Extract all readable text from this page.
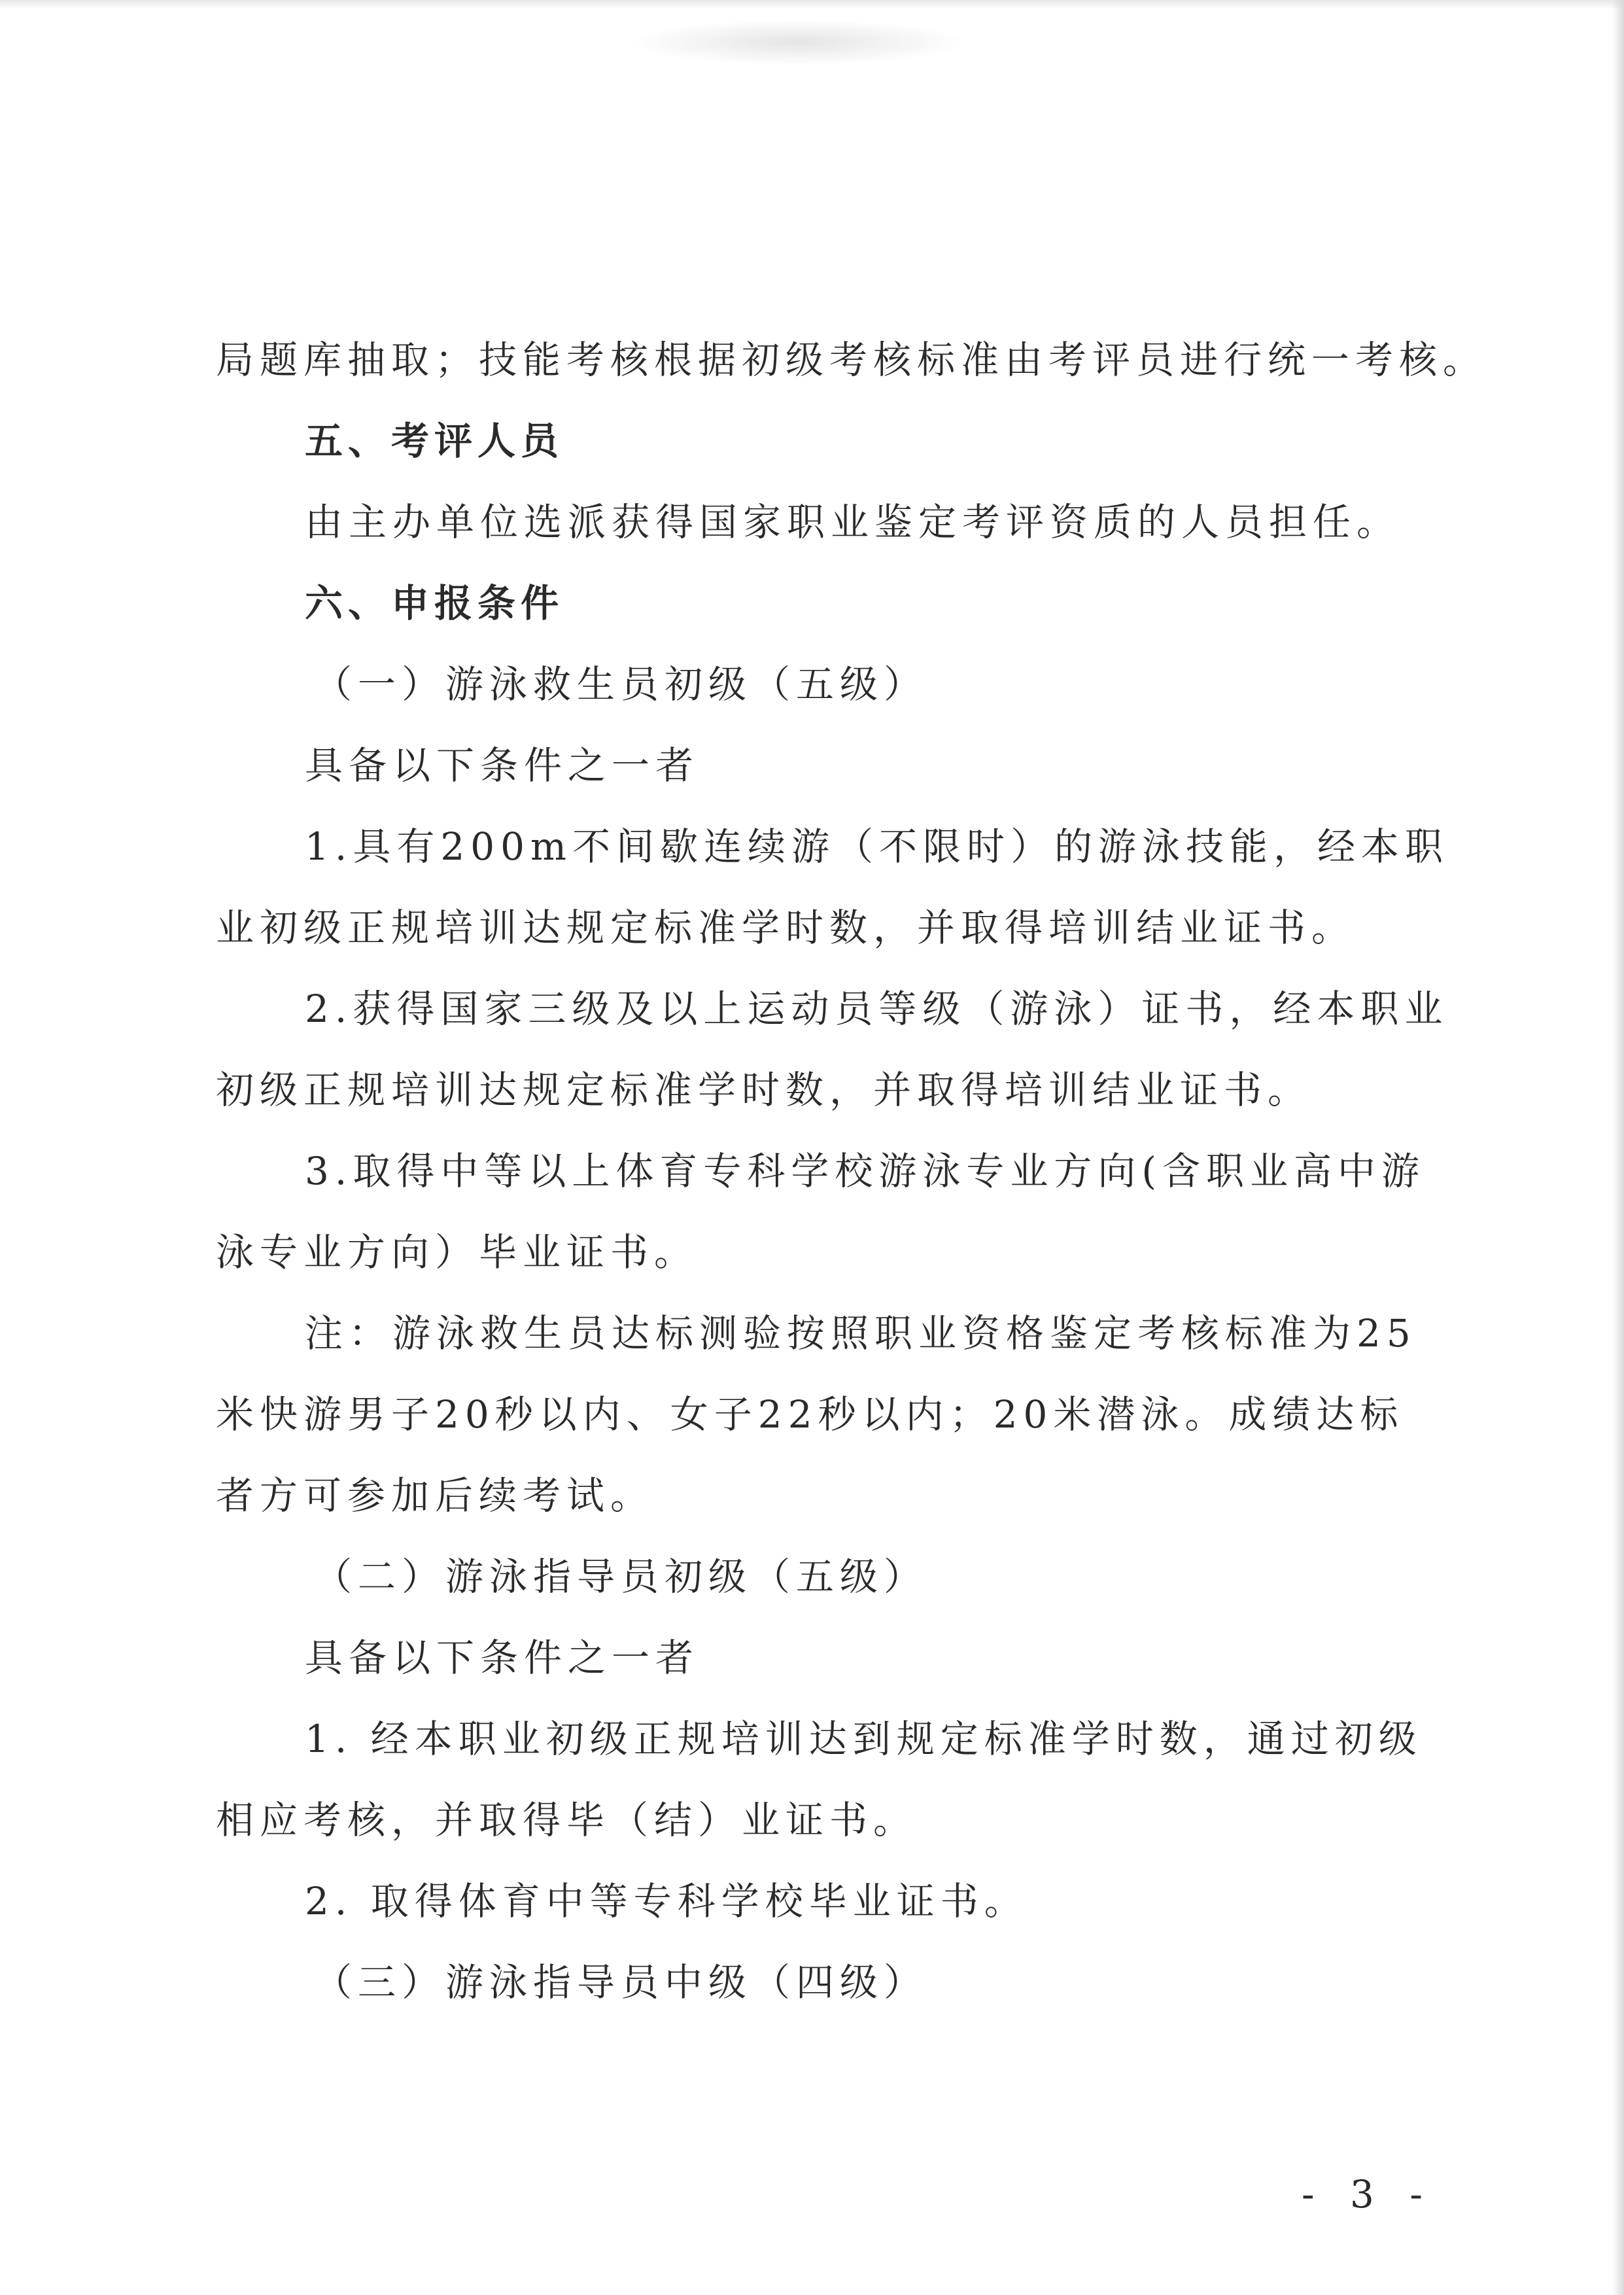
局题库抽取；技能考核根据初级考核标准由考评员进行统一考核。
五、考评人员
由主办单位选派获得国家职业鉴定考评资质的人员担任。
六、申报条件
（一）游泳救生员初级（五级）
具备以下条件之一者
1.具有200m不间歇连续游（不限时）的游泳技能，经本职
业初级正规培训达规定标准学时数，并取得培训结业证书。
2.获得国家三级及以上运动员等级（游泳）证书，经本职业
初级正规培训达规定标准学时数，并取得培训结业证书。
3.取得中等以上体育专科学校游泳专业方向(含职业高中游
泳专业方向）毕业证书。
注：游泳救生员达标测验按照职业资格鉴定考核标准为25
米快游男子20秒以内、女子22秒以内；20米潜泳。成绩达标
者方可参加后续考试。
（二）游泳指导员初级（五级）
具备以下条件之一者
1. 经本职业初级正规培训达到规定标准学时数，通过初级
相应考核，并取得毕（结）业证书。
2. 取得体育中等专科学校毕业证书。
（三）游泳指导员中级（四级）
- 3 -
